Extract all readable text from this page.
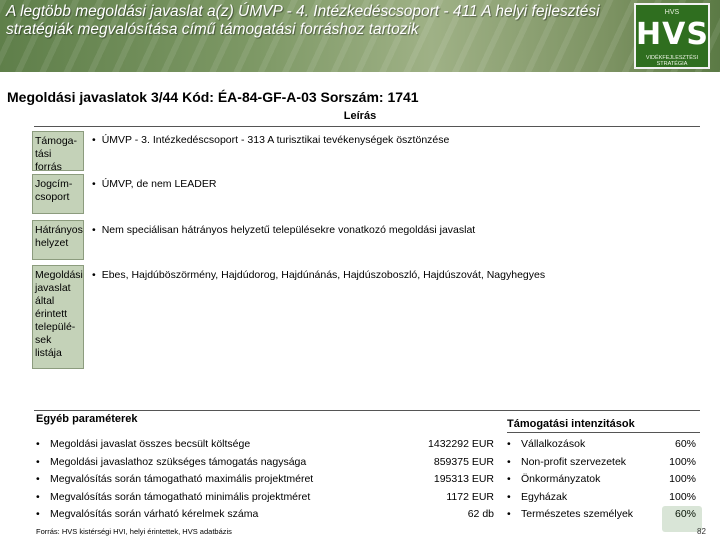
A legtöbb megoldási javaslat a(z) ÚMVP - 4. Intézkedéscsoport - 411 A helyi fejlesztési stratégiák megvalósítása című támogatási forráshoz tartozik
HVS
HVS
VIDÉKFEJLESZTÉSI STRATÉGIA
Megoldási javaslatok 3/44 Kód: ÉA-84-GF-A-03 Sorszám: 1741
Leírás
Támoga-tási forrás
• ÚMVP - 3. Intézkedéscsoport - 313 A turisztikai tevékenységek ösztönzése
Jogcím-csoport
• ÚMVP, de nem LEADER
Hátrányos helyzet
• Nem speciálisan hátrányos helyzetű településekre vonatkozó megoldási javaslat
Megoldási javaslat által érintett települé-sek listája
• Ebes, Hajdúböszörmény, Hajdúdorog, Hajdúnánás, Hajdúszoboszló, Hajdúszovát, Nagyhegyes
Egyéb paraméterek	Támogatási intenzitások
• Megoldási javaslat összes becsült költsége	1432292 EUR
• Megoldási javaslathoz szükséges támogatás nagysága	859375 EUR
• Megvalósítás során támogatható maximális projektméret	195313 EUR
• Megvalósítás során támogatható minimális projektméret	1172 EUR
• Megvalósítás során várható kérelmek száma	62 db
• Vállalkozások	60%
• Non-profit szervezetek	100%
• Önkormányzatok	100%
• Egyházak	100%
• Természetes személyek	60%
Forrás: HVS kistérségi HVI, helyi érintettek, HVS adatbázis	82
